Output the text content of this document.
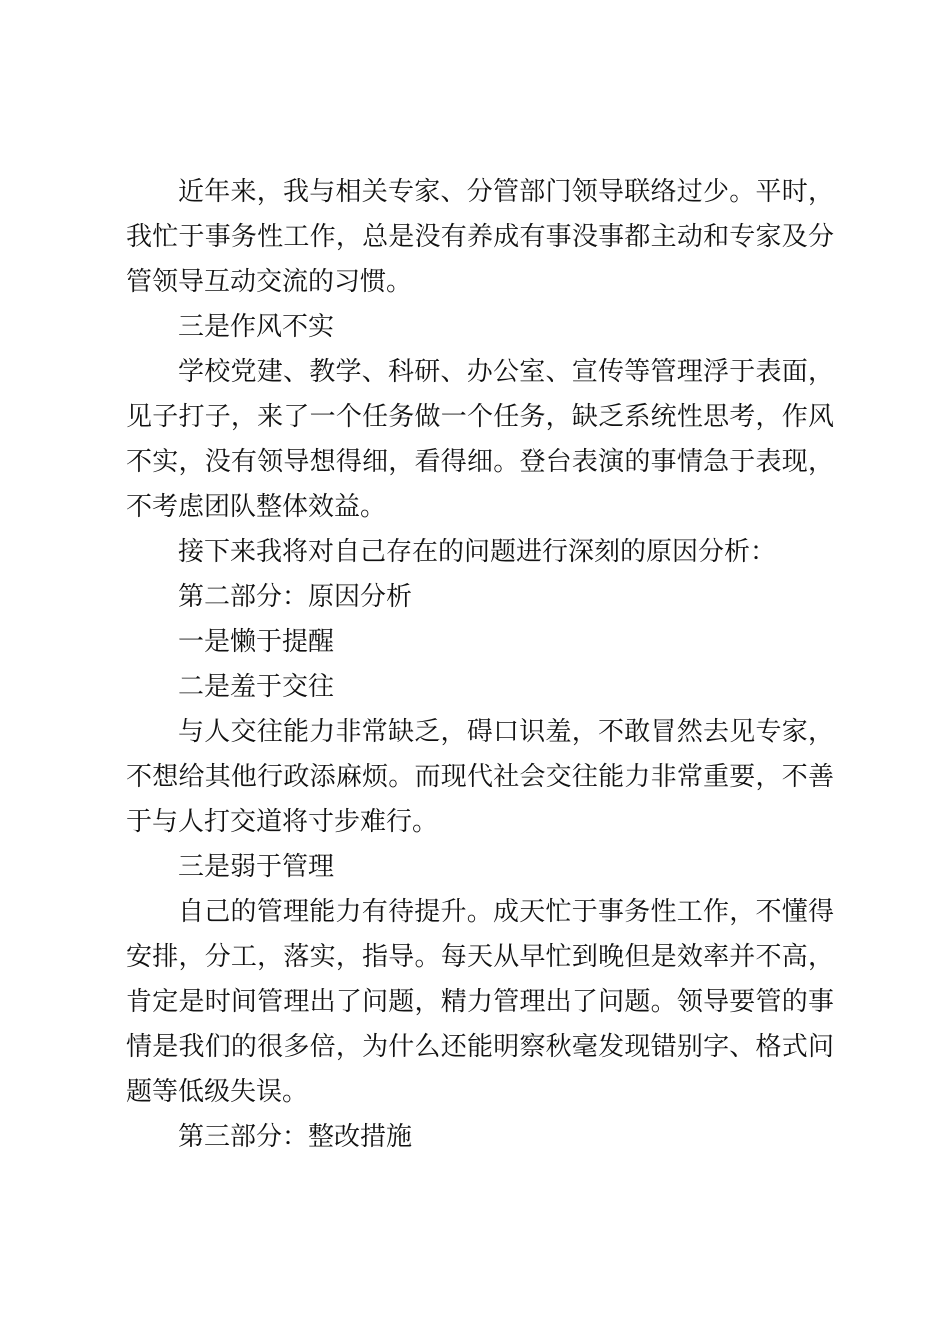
近年来，我与相关专家、分管部门领导联络过少。平时，我忙于事务性工作，总是没有养成有事没事都主动和专家及分管领导互动交流的习惯。

三是作风不实

学校党建、教学、科研、办公室、宣传等管理浮于表面，见子打子，来了一个任务做一个任务，缺乏系统性思考，作风不实，没有领导想得细，看得细。登台表演的事情急于表现，不考虑团队整体效益。

接下来我将对自己存在的问题进行深刻的原因分析：

第二部分：原因分析

一是懒于提醒

二是羞于交往

与人交往能力非常缺乏，碍口识羞，不敢冒然去见专家，不想给其他行政添麻烦。而现代社会交往能力非常重要，不善于与人打交道将寸步难行。

三是弱于管理

自己的管理能力有待提升。成天忙于事务性工作，不懂得安排，分工，落实，指导。每天从早忙到晚但是效率并不高，肯定是时间管理出了问题，精力管理出了问题。领导要管的事情是我们的很多倍，为什么还能明察秋毫发现错别字、格式问题等低级失误。

第三部分：整改措施
